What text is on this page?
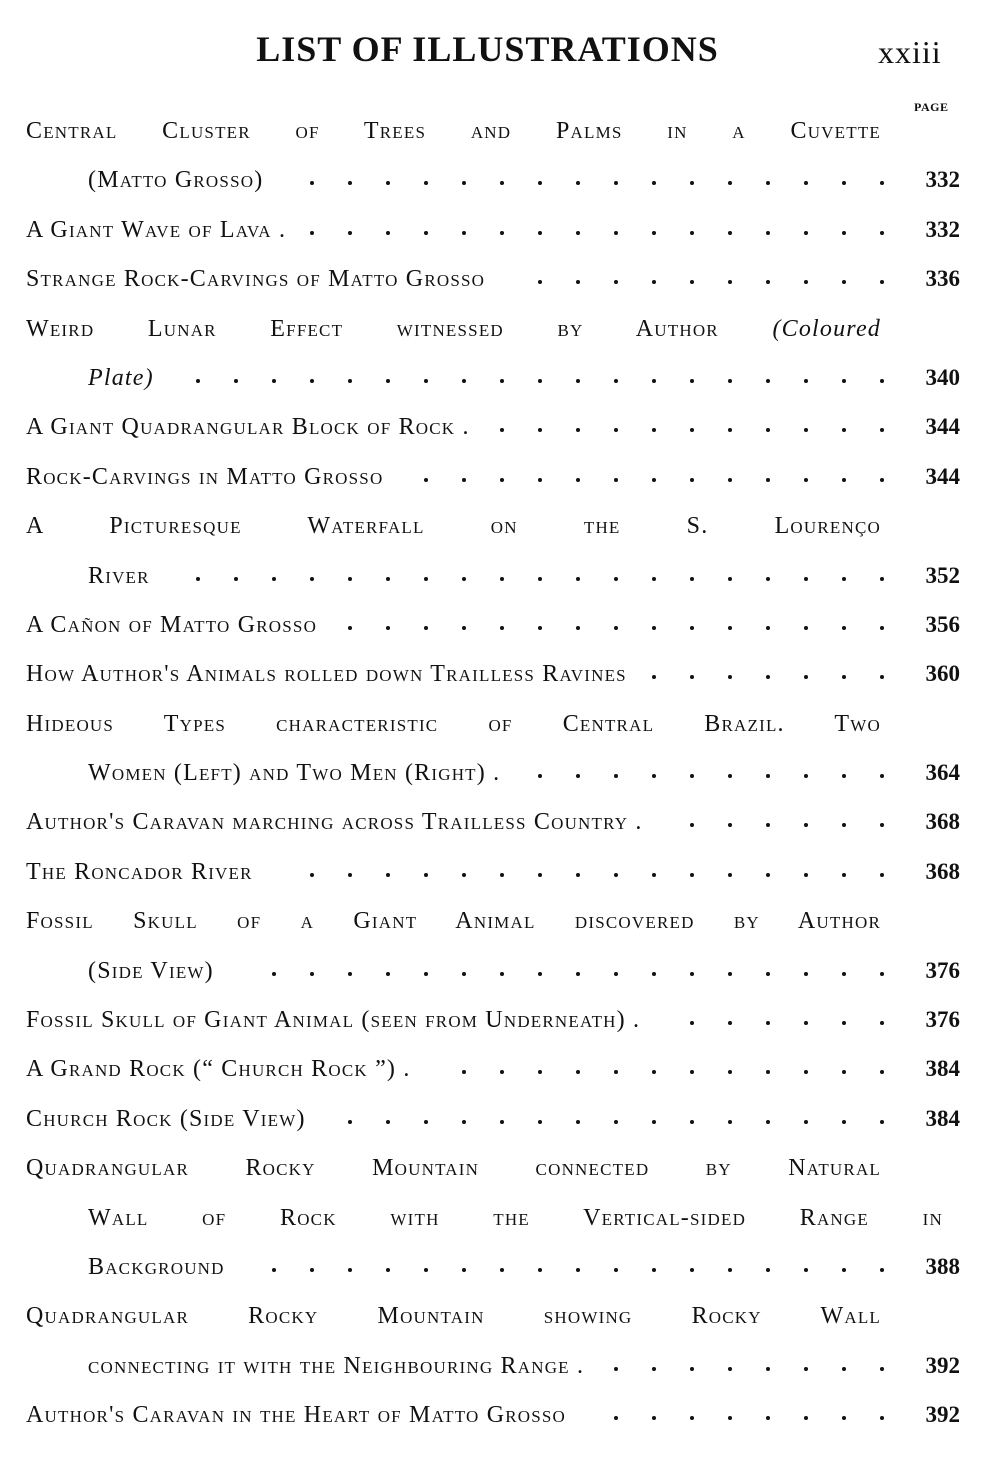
LIST OF ILLUSTRATIONS	xxiii
PAGE
Central Cluster of Trees and Palms in a Cuvette
(Matto Grosso)	332
A Giant Wave of Lava .	332
Strange Rock-Carvings of Matto Grosso	336
Weird Lunar Effect witnessed by Author (Coloured
Plate)	340
A Giant Quadrangular Block of Rock .	344
Rock-Carvings in Matto Grosso	344
A Picturesque Waterfall on the S. Lourenço
River	352
A Cañon of Matto Grosso	356
How Author's Animals rolled down Trailless Ravines	360
Hideous Types characteristic of Central Brazil. Two
Women (Left) and Two Men (Right) .	364
Author's Caravan marching across Trailless Country .	368
The Roncador River	368
Fossil Skull of a Giant Animal discovered by Author
(Side View)	376
Fossil Skull of Giant Animal (seen from Underneath) .	376
A Grand Rock (“ Church Rock ”) .	384
Church Rock (Side View)	384
Quadrangular Rocky Mountain connected by Natural
Wall of Rock with the Vertical-sided Range in
Background	388
Quadrangular Rocky Mountain showing Rocky Wall
connecting it with the Neighbouring Range .	392
Author's Caravan in the Heart of Matto Grosso	392
